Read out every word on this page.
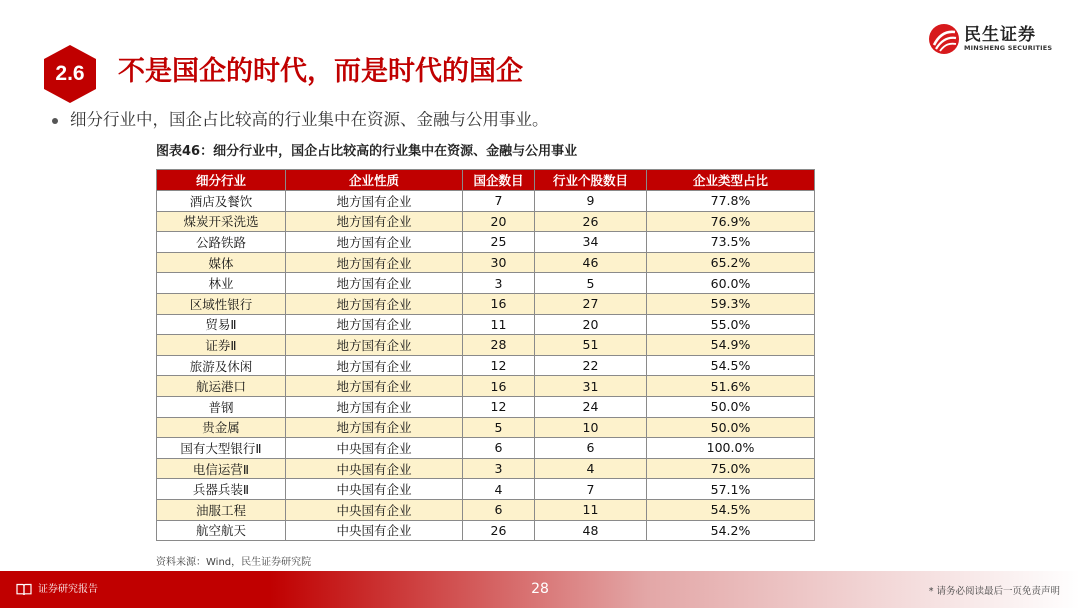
民生证券
MINSHENG SECURITIES
2.6	不是国企的时代，而是时代的国企
细分行业中，国企占比较高的行业集中在资源、金融与公用事业。
图表46：细分行业中，国企占比较高的行业集中在资源、金融与公用事业
细分行业	企业性质	国企数目	行业个股数目	企业类型占比
酒店及餐饮	地方国有企业	7	9	77.8%
煤炭开采洗选	地方国有企业	20	26	76.9%
公路铁路	地方国有企业	25	34	73.5%
媒体	地方国有企业	30	46	65.2%
林业	地方国有企业	3	5	60.0%
区域性银行	地方国有企业	16	27	59.3%
贸易Ⅱ	地方国有企业	11	20	55.0%
证券Ⅱ	地方国有企业	28	51	54.9%
旅游及休闲	地方国有企业	12	22	54.5%
航运港口	地方国有企业	16	31	51.6%
普钢	地方国有企业	12	24	50.0%
贵金属	地方国有企业	5	10	50.0%
国有大型银行Ⅱ	中央国有企业	6	6	100.0%
电信运营Ⅱ	中央国有企业	3	4	75.0%
兵器兵装Ⅱ	中央国有企业	4	7	57.1%
油服工程	中央国有企业	6	11	54.5%
航空航天	中央国有企业	26	48	54.2%
资料来源：Wind，民生证券研究院
证券研究报告	28	* 请务必阅读最后一页免责声明
